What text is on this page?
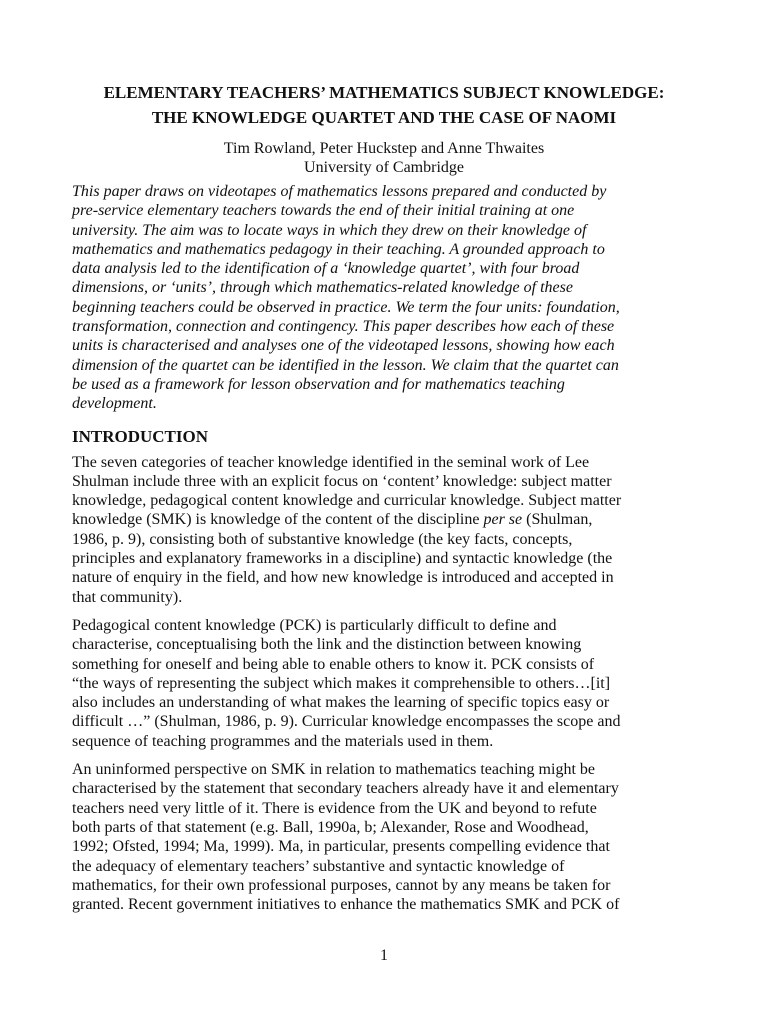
ELEMENTARY TEACHERS’ MATHEMATICS SUBJECT KNOWLEDGE:
THE KNOWLEDGE QUARTET AND THE CASE OF NAOMI
Tim Rowland, Peter Huckstep and Anne Thwaites
University of Cambridge

This paper draws on videotapes of mathematics lessons prepared and conducted by
pre-service elementary teachers towards the end of their initial training at one
university. The aim was to locate ways in which they drew on their knowledge of
mathematics and mathematics pedagogy in their teaching. A grounded approach to
data analysis led to the identification of a ‘knowledge quartet’, with four broad
dimensions, or ‘units’, through which mathematics-related knowledge of these
beginning teachers could be observed in practice. We term the four units: foundation,
transformation, connection and contingency. This paper describes how each of these
units is characterised and analyses one of the videotaped lessons, showing how each
dimension of the quartet can be identified in the lesson. We claim that the quartet can
be used as a framework for lesson observation and for mathematics teaching
development.

INTRODUCTION

The seven categories of teacher knowledge identified in the seminal work of Lee
Shulman include three with an explicit focus on ‘content’ knowledge: subject matter
knowledge, pedagogical content knowledge and curricular knowledge. Subject matter
knowledge (SMK) is knowledge of the content of the discipline per se (Shulman,
1986, p. 9), consisting both of substantive knowledge (the key facts, concepts,
principles and explanatory frameworks in a discipline) and syntactic knowledge (the
nature of enquiry in the field, and how new knowledge is introduced and accepted in
that community).

Pedagogical content knowledge (PCK) is particularly difficult to define and
characterise, conceptualising both the link and the distinction between knowing
something for oneself and being able to enable others to know it. PCK consists of
“the ways of representing the subject which makes it comprehensible to others…[it]
also includes an understanding of what makes the learning of specific topics easy or
difficult …” (Shulman, 1986, p. 9). Curricular knowledge encompasses the scope and
sequence of teaching programmes and the materials used in them.

An uninformed perspective on SMK in relation to mathematics teaching might be
characterised by the statement that secondary teachers already have it and elementary
teachers need very little of it. There is evidence from the UK and beyond to refute
both parts of that statement (e.g. Ball, 1990a, b; Alexander, Rose and Woodhead,
1992; Ofsted, 1994; Ma, 1999). Ma, in particular, presents compelling evidence that
the adequacy of elementary teachers’ substantive and syntactic knowledge of
mathematics, for their own professional purposes, cannot by any means be taken for
granted. Recent government initiatives to enhance the mathematics SMK and PCK of

1
